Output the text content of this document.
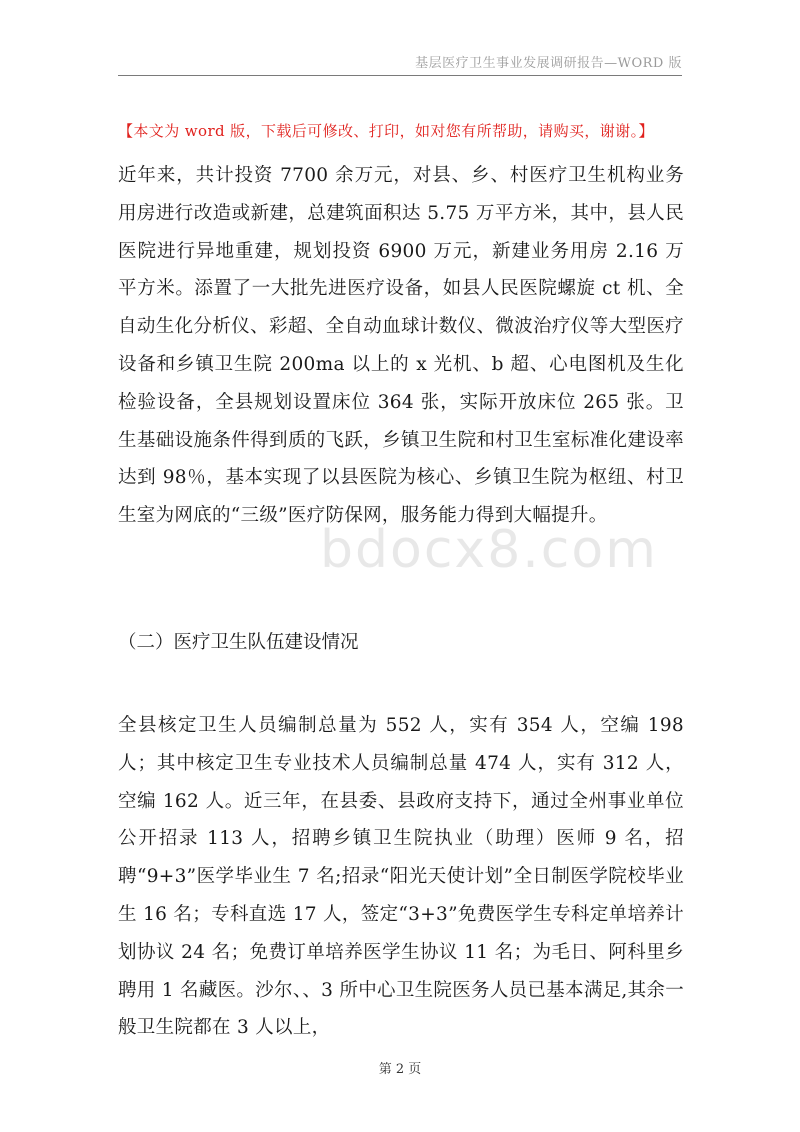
基层医疗卫生事业发展调研报告—WORD 版
【本文为 word 版，下载后可修改、打印，如对您有所帮助，请购买，谢谢。】

近年来，共计投资 7700 余万元，对县、乡、村医疗卫生机构业务用房进行改造或新建，总建筑面积达 5.75 万平方米，其中，县人民医院进行异地重建，规划投资 6900 万元，新建业务用房 2.16 万平方米。添置了一大批先进医疗设备，如县人民医院螺旋 ct 机、全自动生化分析仪、彩超、全自动血球计数仪、微波治疗仪等大型医疗设备和乡镇卫生院 200ma 以上的 x 光机、b 超、心电图机及生化检验设备，全县规划设置床位 364 张，实际开放床位 265 张。卫生基础设施条件得到质的飞跃，乡镇卫生院和村卫生室标准化建设率达到 98％，基本实现了以县医院为核心、乡镇卫生院为枢纽、村卫生室为网底的“三级”医疗防保网，服务能力得到大幅提升。

bdocx8.com
（二）医疗卫生队伍建设情况

全县核定卫生人员编制总量为 552 人，实有 354 人，空编 198 人；其中核定卫生专业技术人员编制总量 474 人，实有 312 人，空编 162 人。近三年，在县委、县政府支持下，通过全州事业单位公开招录 113 人，招聘乡镇卫生院执业（助理）医师 9 名，招聘“9+3”医学毕业生 7 名;招录“阳光天使计划”全日制医学院校毕业生 16 名；专科直选 17 人，签定“3+3”免费医学生专科定单培养计划协议 24 名；免费订单培养医学生协议 11 名；为毛日、阿科里乡聘用 1 名藏医。沙尔、、3 所中心卫生院医务人员已基本满足,其余一般卫生院都在 3 人以上，

第 2 页
